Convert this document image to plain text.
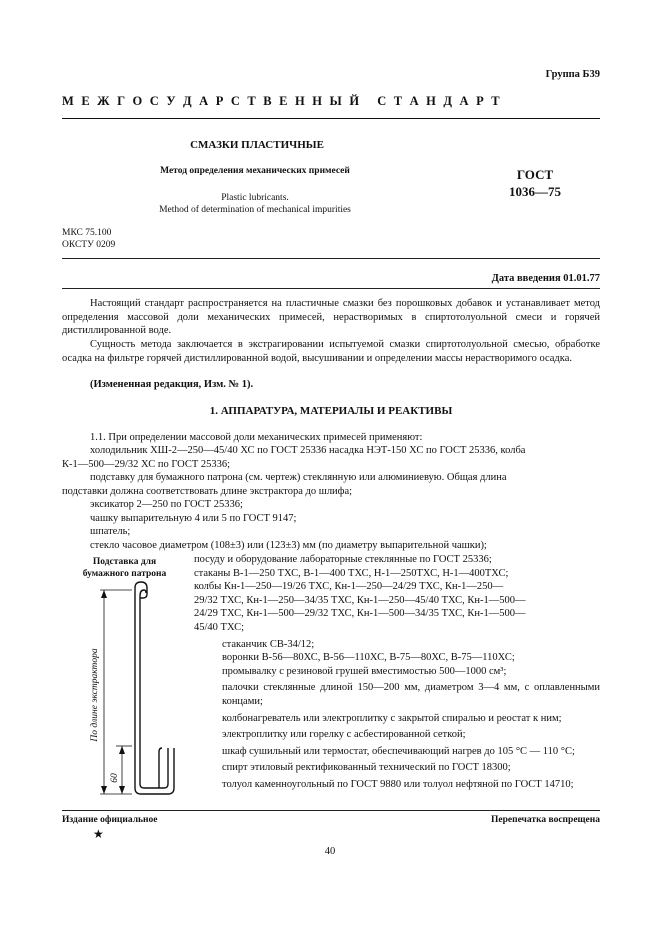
Группа Б39
М Е Ж Г О С У Д А Р С Т В Е Н Н Ы Й   С Т А Н Д А Р Т
СМАЗКИ ПЛАСТИЧНЫЕ
Метод определения механических примесей
Plastic lubricants.
Method of determination of mechanical impurities
ГОСТ
1036—75
МКС 75.100
ОКСТУ 0209
Дата введения 01.01.77
Настоящий стандарт распространяется на пластичные смазки без порошковых добавок и устанавливает метод определения массовой доли механических примесей, нерастворимых в спиртотолуольной смеси и горячей дистиллированной воде.
Сущность метода заключается в экстрагировании испытуемой смазки спиртотолуольной смесью, обработке осадка на фильтре горячей дистиллированной водой, высушивании и определении массы нерастворимого осадка.
(Измененная редакция, Изм. № 1).
1. АППАРАТУРА, МАТЕРИАЛЫ И РЕАКТИВЫ
1.1. При определении массовой доли механических примесей применяют:
холодильник ХШ-2—250—45/40 ХС по ГОСТ 25336 насадка НЭТ-150 ХС по ГОСТ 25336, колба
К-1—500—29/32 ХС по ГОСТ 25336;
подставку для бумажного патрона (см. чертеж) стеклянную или алюминиевую. Общая длина
подставки должна соответствовать длине экстрактора до шлифа;
эксикатор 2—250 по ГОСТ 25336;
чашку выпарительную 4 или 5 по ГОСТ 9147;
шпатель;
стекло часовое диаметром (108±3) или (123±3) мм (по диаметру выпарительной чашки);
Подставка для
бумажного патрона
По длине экстрактора
60
посуду и оборудование лабораторные стеклянные по ГОСТ 25336;
стаканы В-1—250 ТХС, В-1—400 ТХС, Н-1—250ТХС, Н-1—400ТХС;
колбы Кн-1—250—19/26 ТХС, Кн-1—250—24/29 ТХС, Кн-1—250—
29/32 ТХС, Кн-1—250—34/35 ТХС, Кн-1—250—45/40 ТХС, Кн-1—500—
24/29 ТХС, Кн-1—500—29/32 ТХС, Кн-1—500—34/35 ТХС, Кн-1—500—
45/40 ТХС;
стаканчик СВ-34/12;
воронки В-56—80ХС, В-56—110ХС, В-75—80ХС, В-75—110ХС;
промывалку с резиновой грушей вместимостью 500—1000 см³;
палочки стеклянные длиной 150—200 мм, диаметром 3—4 мм, с оплавленными концами;
колбонагреватель или электроплитку с закрытой спиралью и реостат к ним;
электроплитку или горелку с асбестированной сеткой;
шкаф сушильный или термостат, обеспечивающий нагрев до 105 °С — 110 °С;
спирт этиловый ректификованный технический по ГОСТ 18300;
толуол каменноугольный по ГОСТ 9880 или толуол нефтяной по ГОСТ 14710;
Издание официальное
★
Перепечатка воспрещена
40
